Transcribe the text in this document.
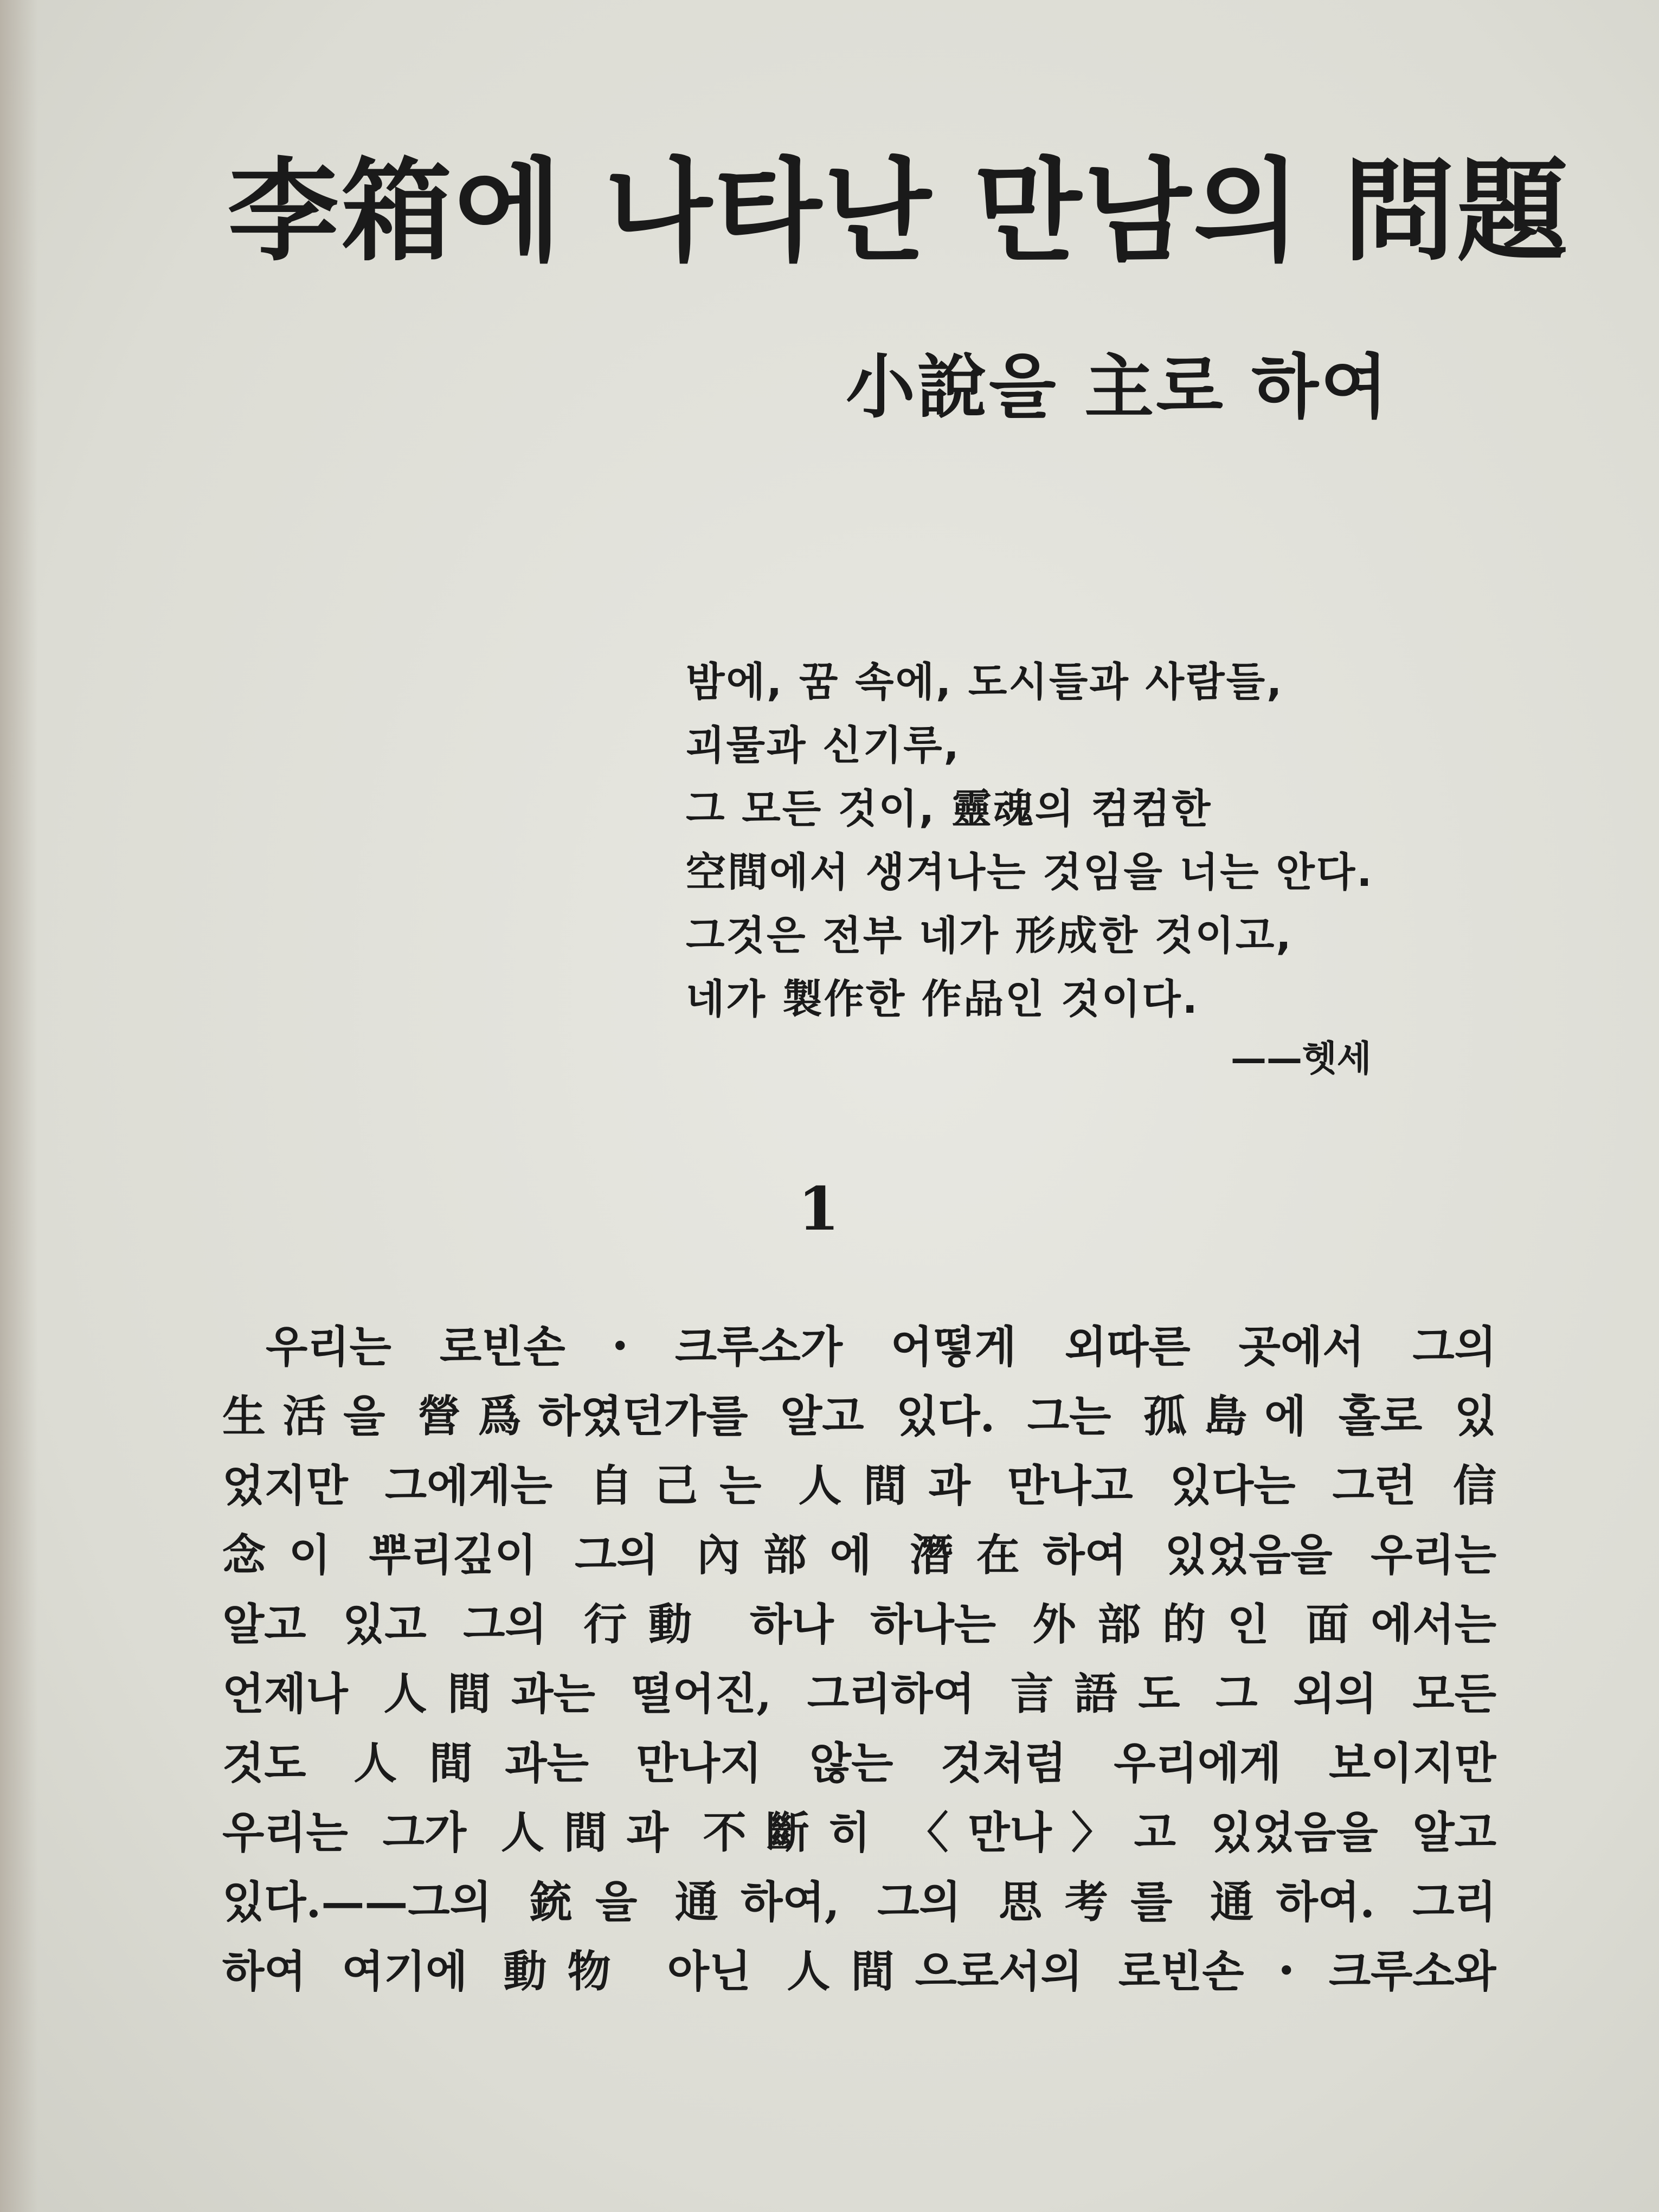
李箱에 나타난 만남의 問題
小說을 主로 하여
밤에, 꿈 속에, 도시들과 사람들,
괴물과 신기루,
그 모든 것이, 靈魂의 컴컴한
空間에서 생겨나는 것임을 너는 안다.
그것은 전부 네가 形成한 것이고,
네가 製作한 作品인 것이다.
——헷세
1
우리는 로빈손・크루소가 어떻게 외따른 곳에서 그의
生活을 營爲하였던가를 알고 있다. 그는 孤島에 홀로 있
었지만 그에게는 自己는 人間과 만나고 있다는 그런 信
念이 뿌리깊이 그의 內部에 潛在하여 있었음을 우리는
알고 있고 그의 行動 하나 하나는 外部的인 面에서는
언제나 人間과는 떨어진, 그리하여 言語도 그 외의 모든
것도 人間과는 만나지 않는 것처럼 우리에게 보이지만
우리는 그가 人間과 不斷히 〈만나〉고 있었음을 알고
있다.——그의 銃을 通하여, 그의 思考를 通하여. 그리
하여 여기에 動物 아닌 人間으로서의 로빈손・크루소와
